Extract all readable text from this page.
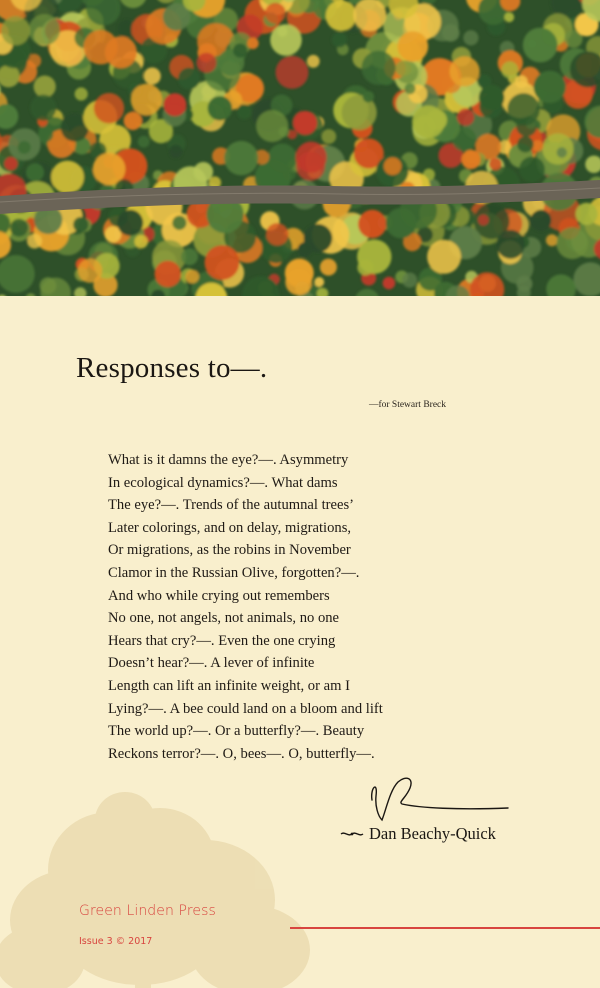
Responses to—.
—for Stewart Breck
What is it damns the eye?—. Asymmetry
In ecological dynamics?—. What dams
The eye?—. Trends of the autumnal trees’
Later colorings, and on delay, migrations,
Or migrations, as the robins in November
Clamor in the Russian Olive, forgotten?—.
And who while crying out remembers
No one, not angels, not animals, no one
Hears that cry?—. Even the one crying
Doesn’t hear?—. A lever of infinite
Length can lift an infinite weight, or am I
Lying?—. A bee could land on a bloom and lift
The world up?—. Or a butterfly?—. Beauty
Reckons terror?—. O, bees—. O, butterfly—.
Dan Beachy-Quick
Green Linden Press
Issue 3 © 2017
